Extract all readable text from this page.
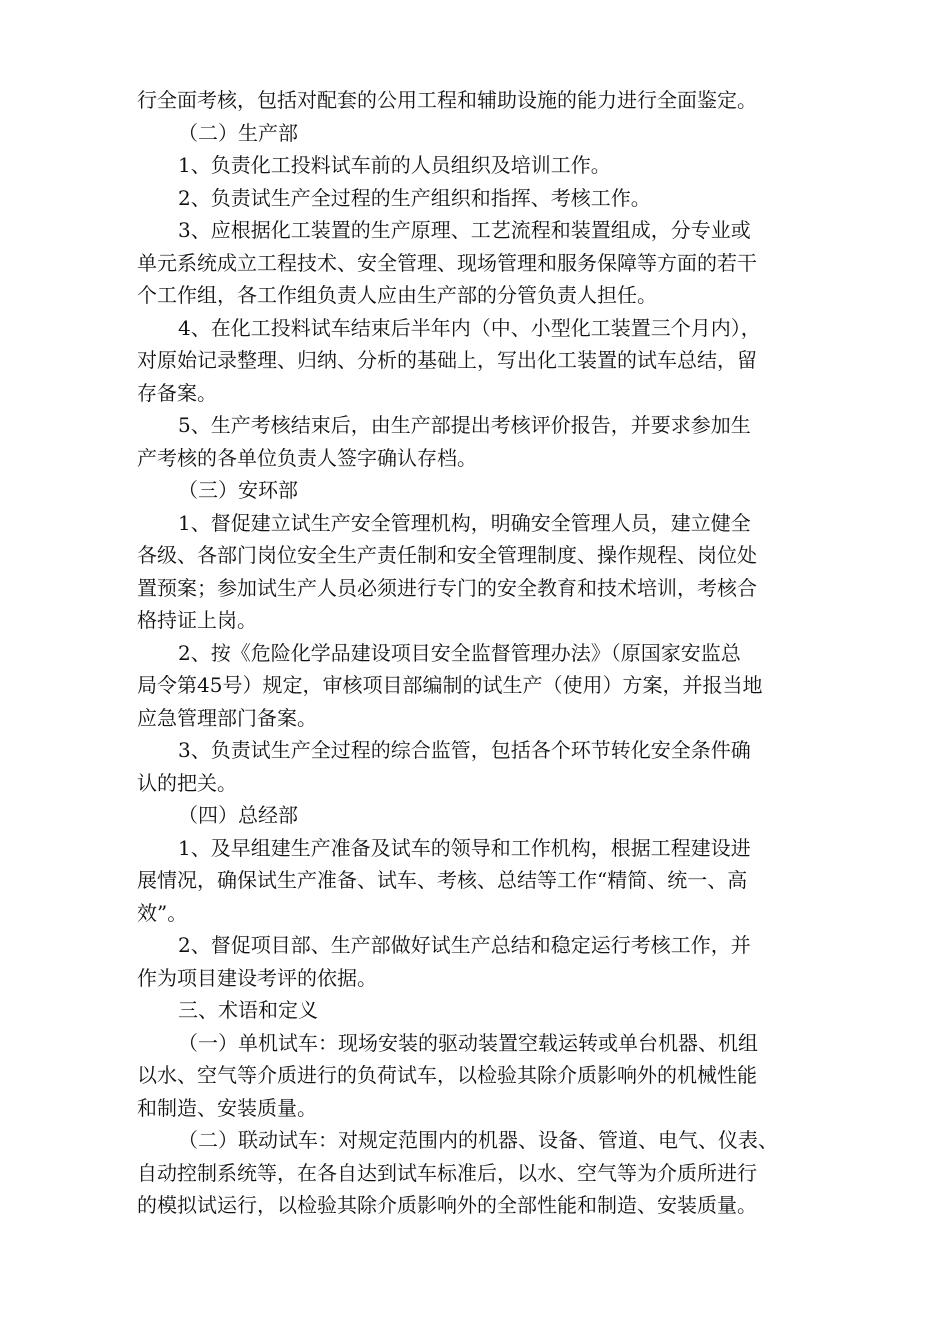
行全面考核，包括对配套的公用工程和辅助设施的能力进行全面鉴定。
（二）生产部
1、负责化工投料试车前的人员组织及培训工作。
2、负责试生产全过程的生产组织和指挥、考核工作。
3、应根据化工装置的生产原理、工艺流程和装置组成，分专业或
单元系统成立工程技术、安全管理、现场管理和服务保障等方面的若干
个工作组，各工作组负责人应由生产部的分管负责人担任。
4、在化工投料试车结束后半年内（中、小型化工装置三个月内），
对原始记录整理、归纳、分析的基础上，写出化工装置的试车总结，留
存备案。
5、生产考核结束后，由生产部提出考核评价报告，并要求参加生
产考核的各单位负责人签字确认存档。
（三）安环部
1、督促建立试生产安全管理机构，明确安全管理人员，建立健全
各级、各部门岗位安全生产责任制和安全管理制度、操作规程、岗位处
置预案；参加试生产人员必须进行专门的安全教育和技术培训，考核合
格持证上岗。
2、按《危险化学品建设项目安全监督管理办法》（原国家安监总
局令第45号）规定，审核项目部编制的试生产（使用）方案，并报当地
应急管理部门备案。
3、负责试生产全过程的综合监管，包括各个环节转化安全条件确
认的把关。
（四）总经部
1、及早组建生产准备及试车的领导和工作机构，根据工程建设进
展情况，确保试生产准备、试车、考核、总结等工作“精简、统一、高
效”。
2、督促项目部、生产部做好试生产总结和稳定运行考核工作，并
作为项目建设考评的依据。
三、术语和定义
（一）单机试车：现场安装的驱动装置空载运转或单台机器、机组
以水、空气等介质进行的负荷试车，以检验其除介质影响外的机械性能
和制造、安装质量。
（二）联动试车：对规定范围内的机器、设备、管道、电气、仪表、
自动控制系统等，在各自达到试车标准后，以水、空气等为介质所进行
的模拟试运行，以检验其除介质影响外的全部性能和制造、安装质量。
